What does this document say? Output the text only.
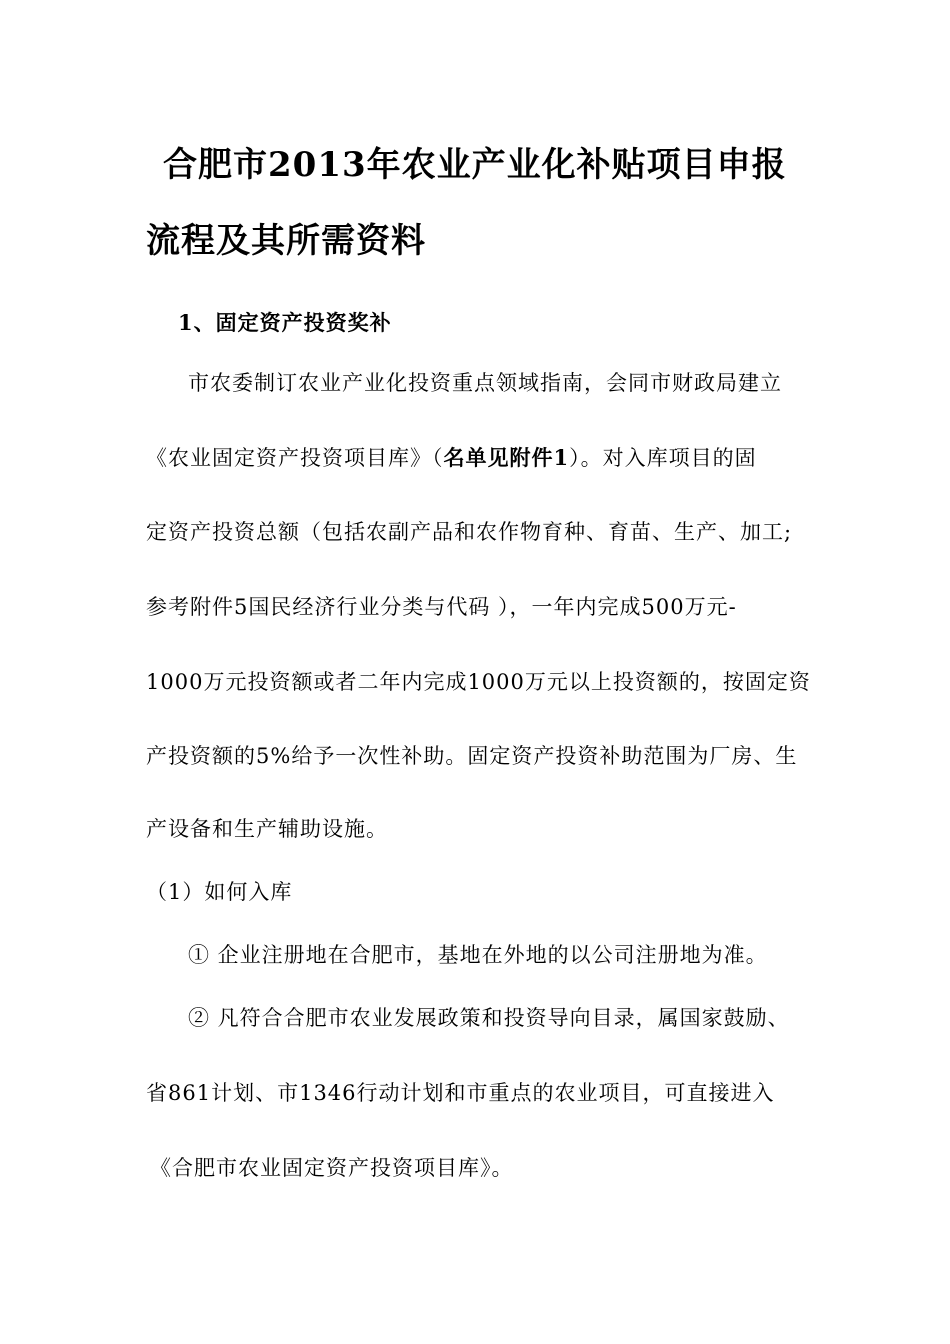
合肥市2013年农业产业化补贴项目申报
流程及其所需资料
1、固定资产投资奖补
市农委制订农业产业化投资重点领域指南，会同市财政局建立
《农业固定资产投资项目库》（名单见附件1）。对入库项目的固
定资产投资总额（包括农副产品和农作物育种、育苗、生产、加工;
参考附件5国民经济行业分类与代码 ），一年内完成500万元-
1000万元投资额或者二年内完成1000万元以上投资额的，按固定资
产投资额的5%给予一次性补助。固定资产投资补助范围为厂房、生
产设备和生产辅助设施。
（1）如何入库
① 企业注册地在合肥市，基地在外地的以公司注册地为准。
② 凡符合合肥市农业发展政策和投资导向目录，属国家鼓励、
省861计划、市1346行动计划和市重点的农业项目，可直接进入
《合肥市农业固定资产投资项目库》。
